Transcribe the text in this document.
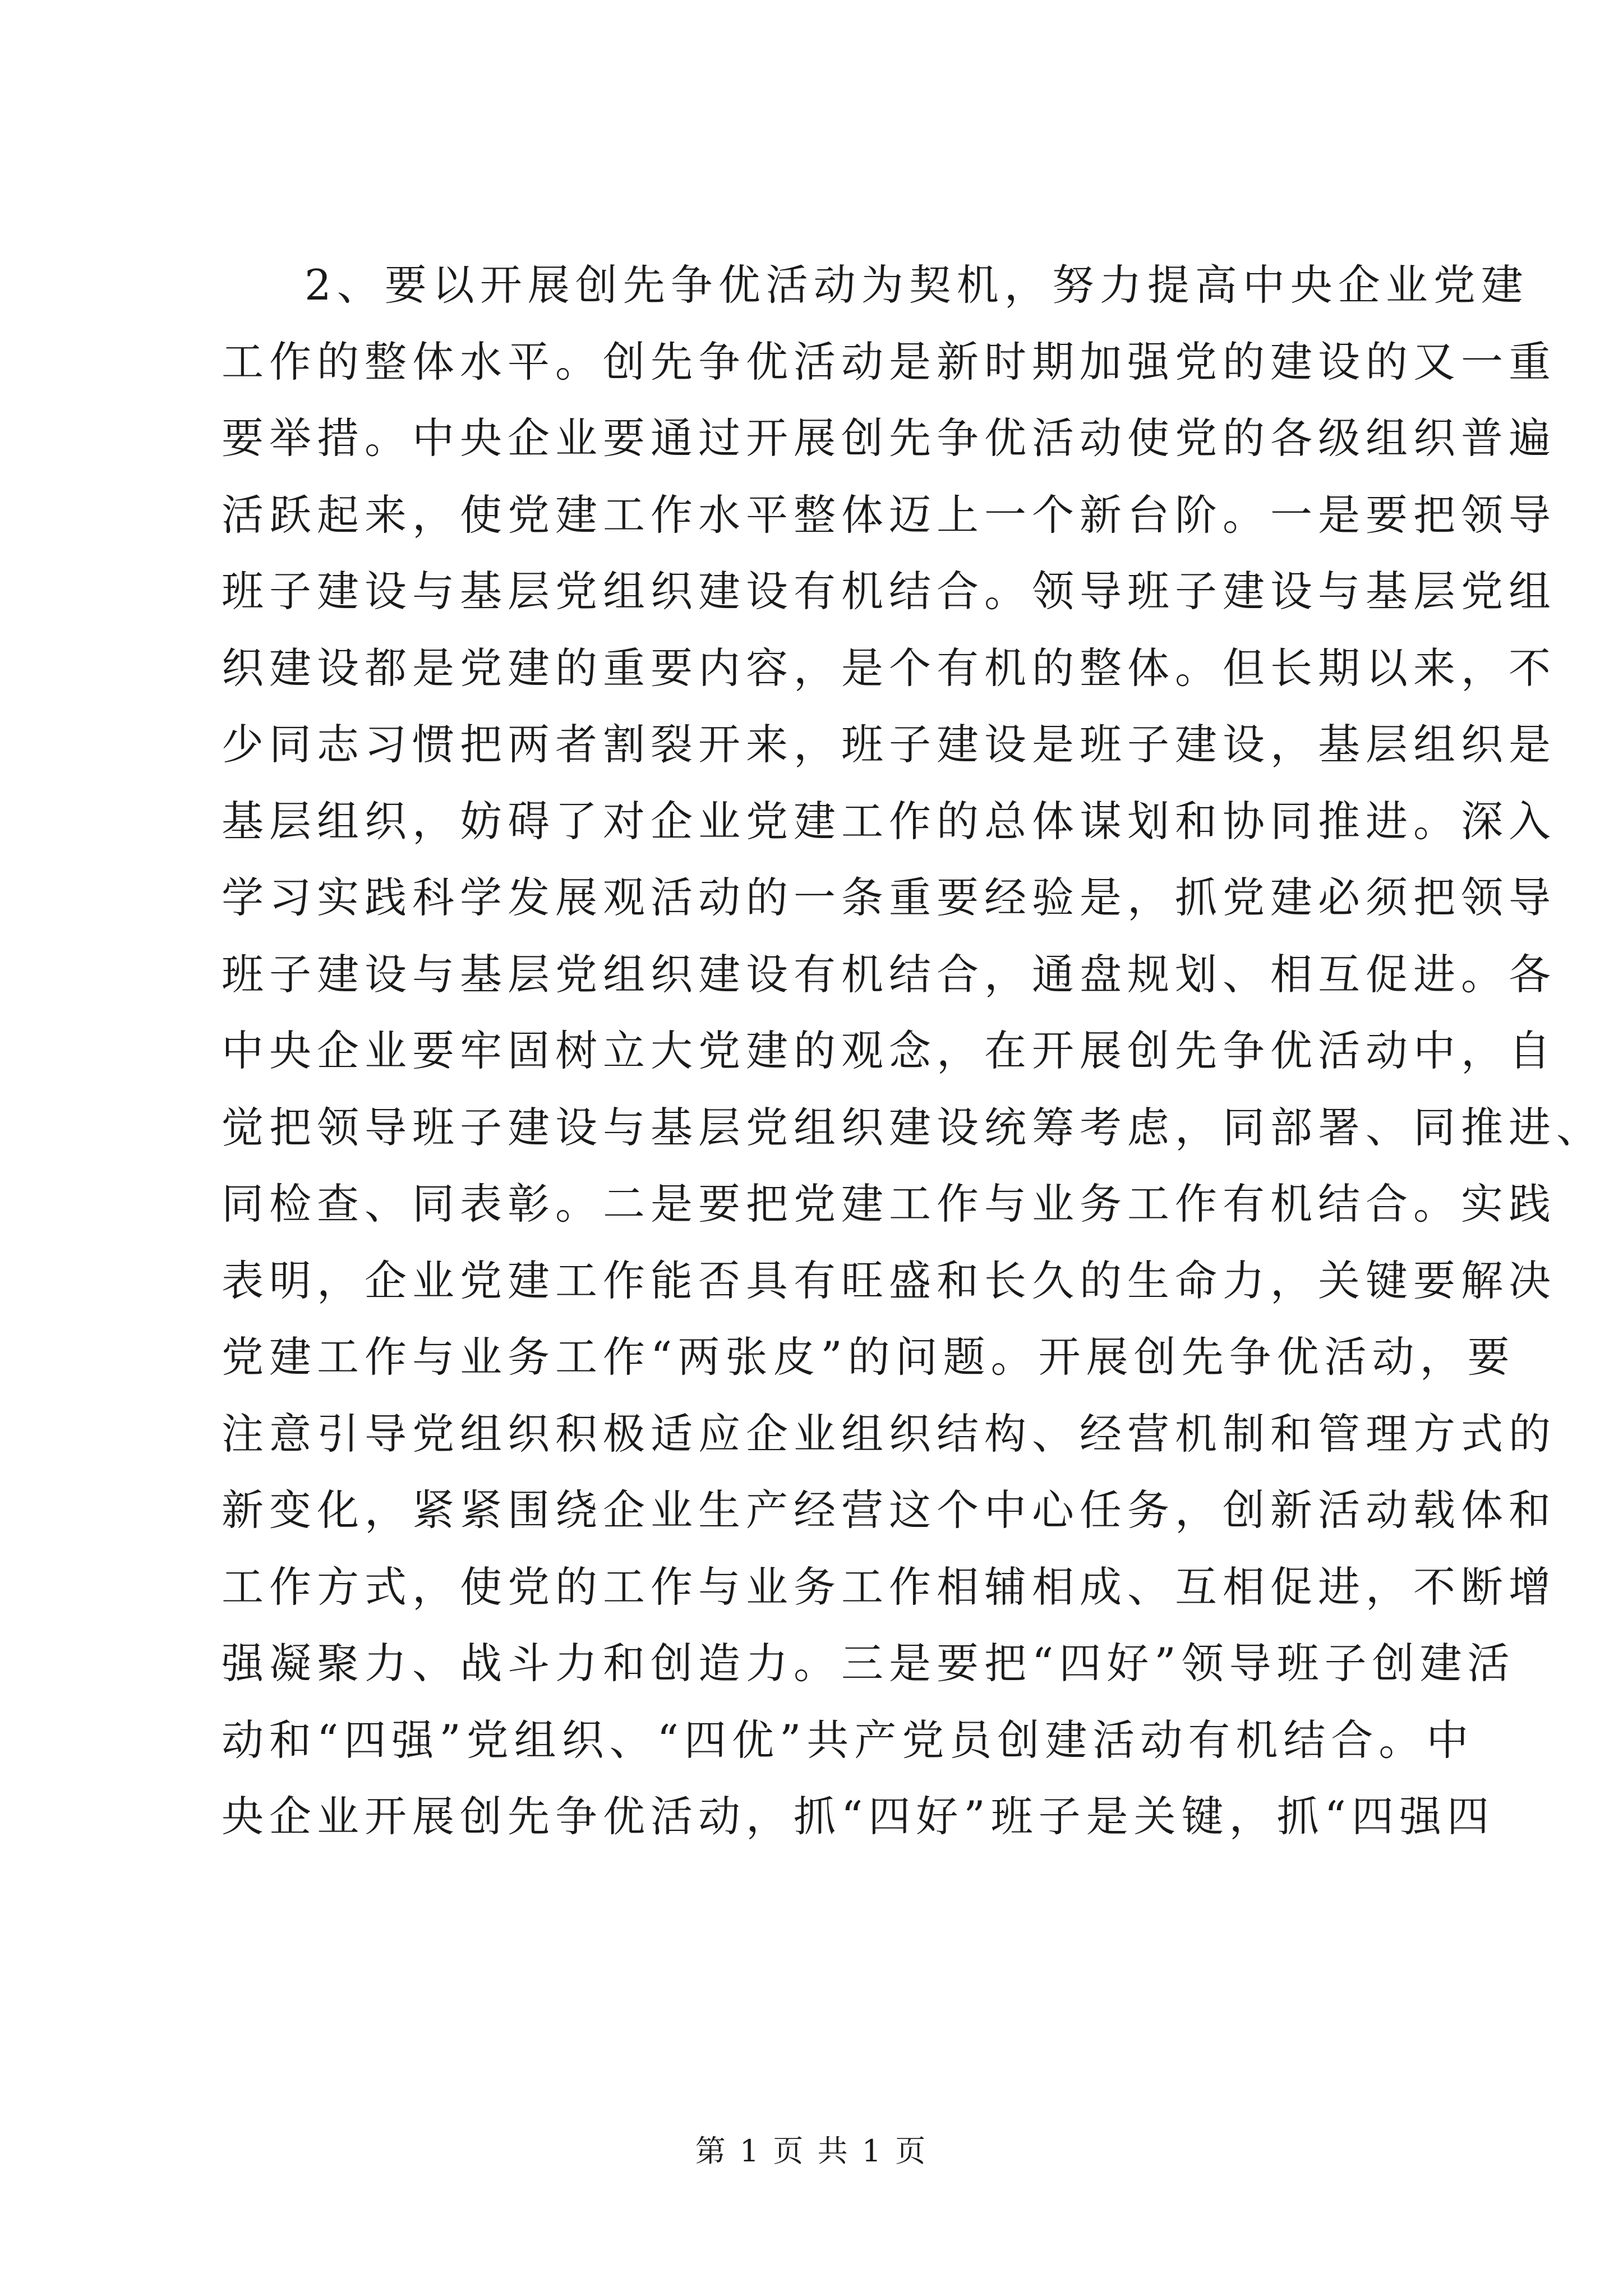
2、要以开展创先争优活动为契机，努力提高中央企业党建
工作的整体水平。创先争优活动是新时期加强党的建设的又一重
要举措。中央企业要通过开展创先争优活动使党的各级组织普遍
活跃起来，使党建工作水平整体迈上一个新台阶。一是要把领导
班子建设与基层党组织建设有机结合。领导班子建设与基层党组
织建设都是党建的重要内容，是个有机的整体。但长期以来，不
少同志习惯把两者割裂开来，班子建设是班子建设，基层组织是
基层组织，妨碍了对企业党建工作的总体谋划和协同推进。深入
学习实践科学发展观活动的一条重要经验是，抓党建必须把领导
班子建设与基层党组织建设有机结合，通盘规划、相互促进。各
中央企业要牢固树立大党建的观念，在开展创先争优活动中，自
觉把领导班子建设与基层党组织建设统筹考虑，同部署、同推进、
同检查、同表彰。二是要把党建工作与业务工作有机结合。实践
表明，企业党建工作能否具有旺盛和长久的生命力，关键要解决
党建工作与业务工作“两张皮”的问题。开展创先争优活动，要
注意引导党组织积极适应企业组织结构、经营机制和管理方式的
新变化，紧紧围绕企业生产经营这个中心任务，创新活动载体和
工作方式，使党的工作与业务工作相辅相成、互相促进，不断增
强凝聚力、战斗力和创造力。三是要把“四好”领导班子创建活
动和“四强”党组织、“四优”共产党员创建活动有机结合。中
央企业开展创先争优活动，抓“四好”班子是关键，抓“四强四
第 1 页 共 1 页
